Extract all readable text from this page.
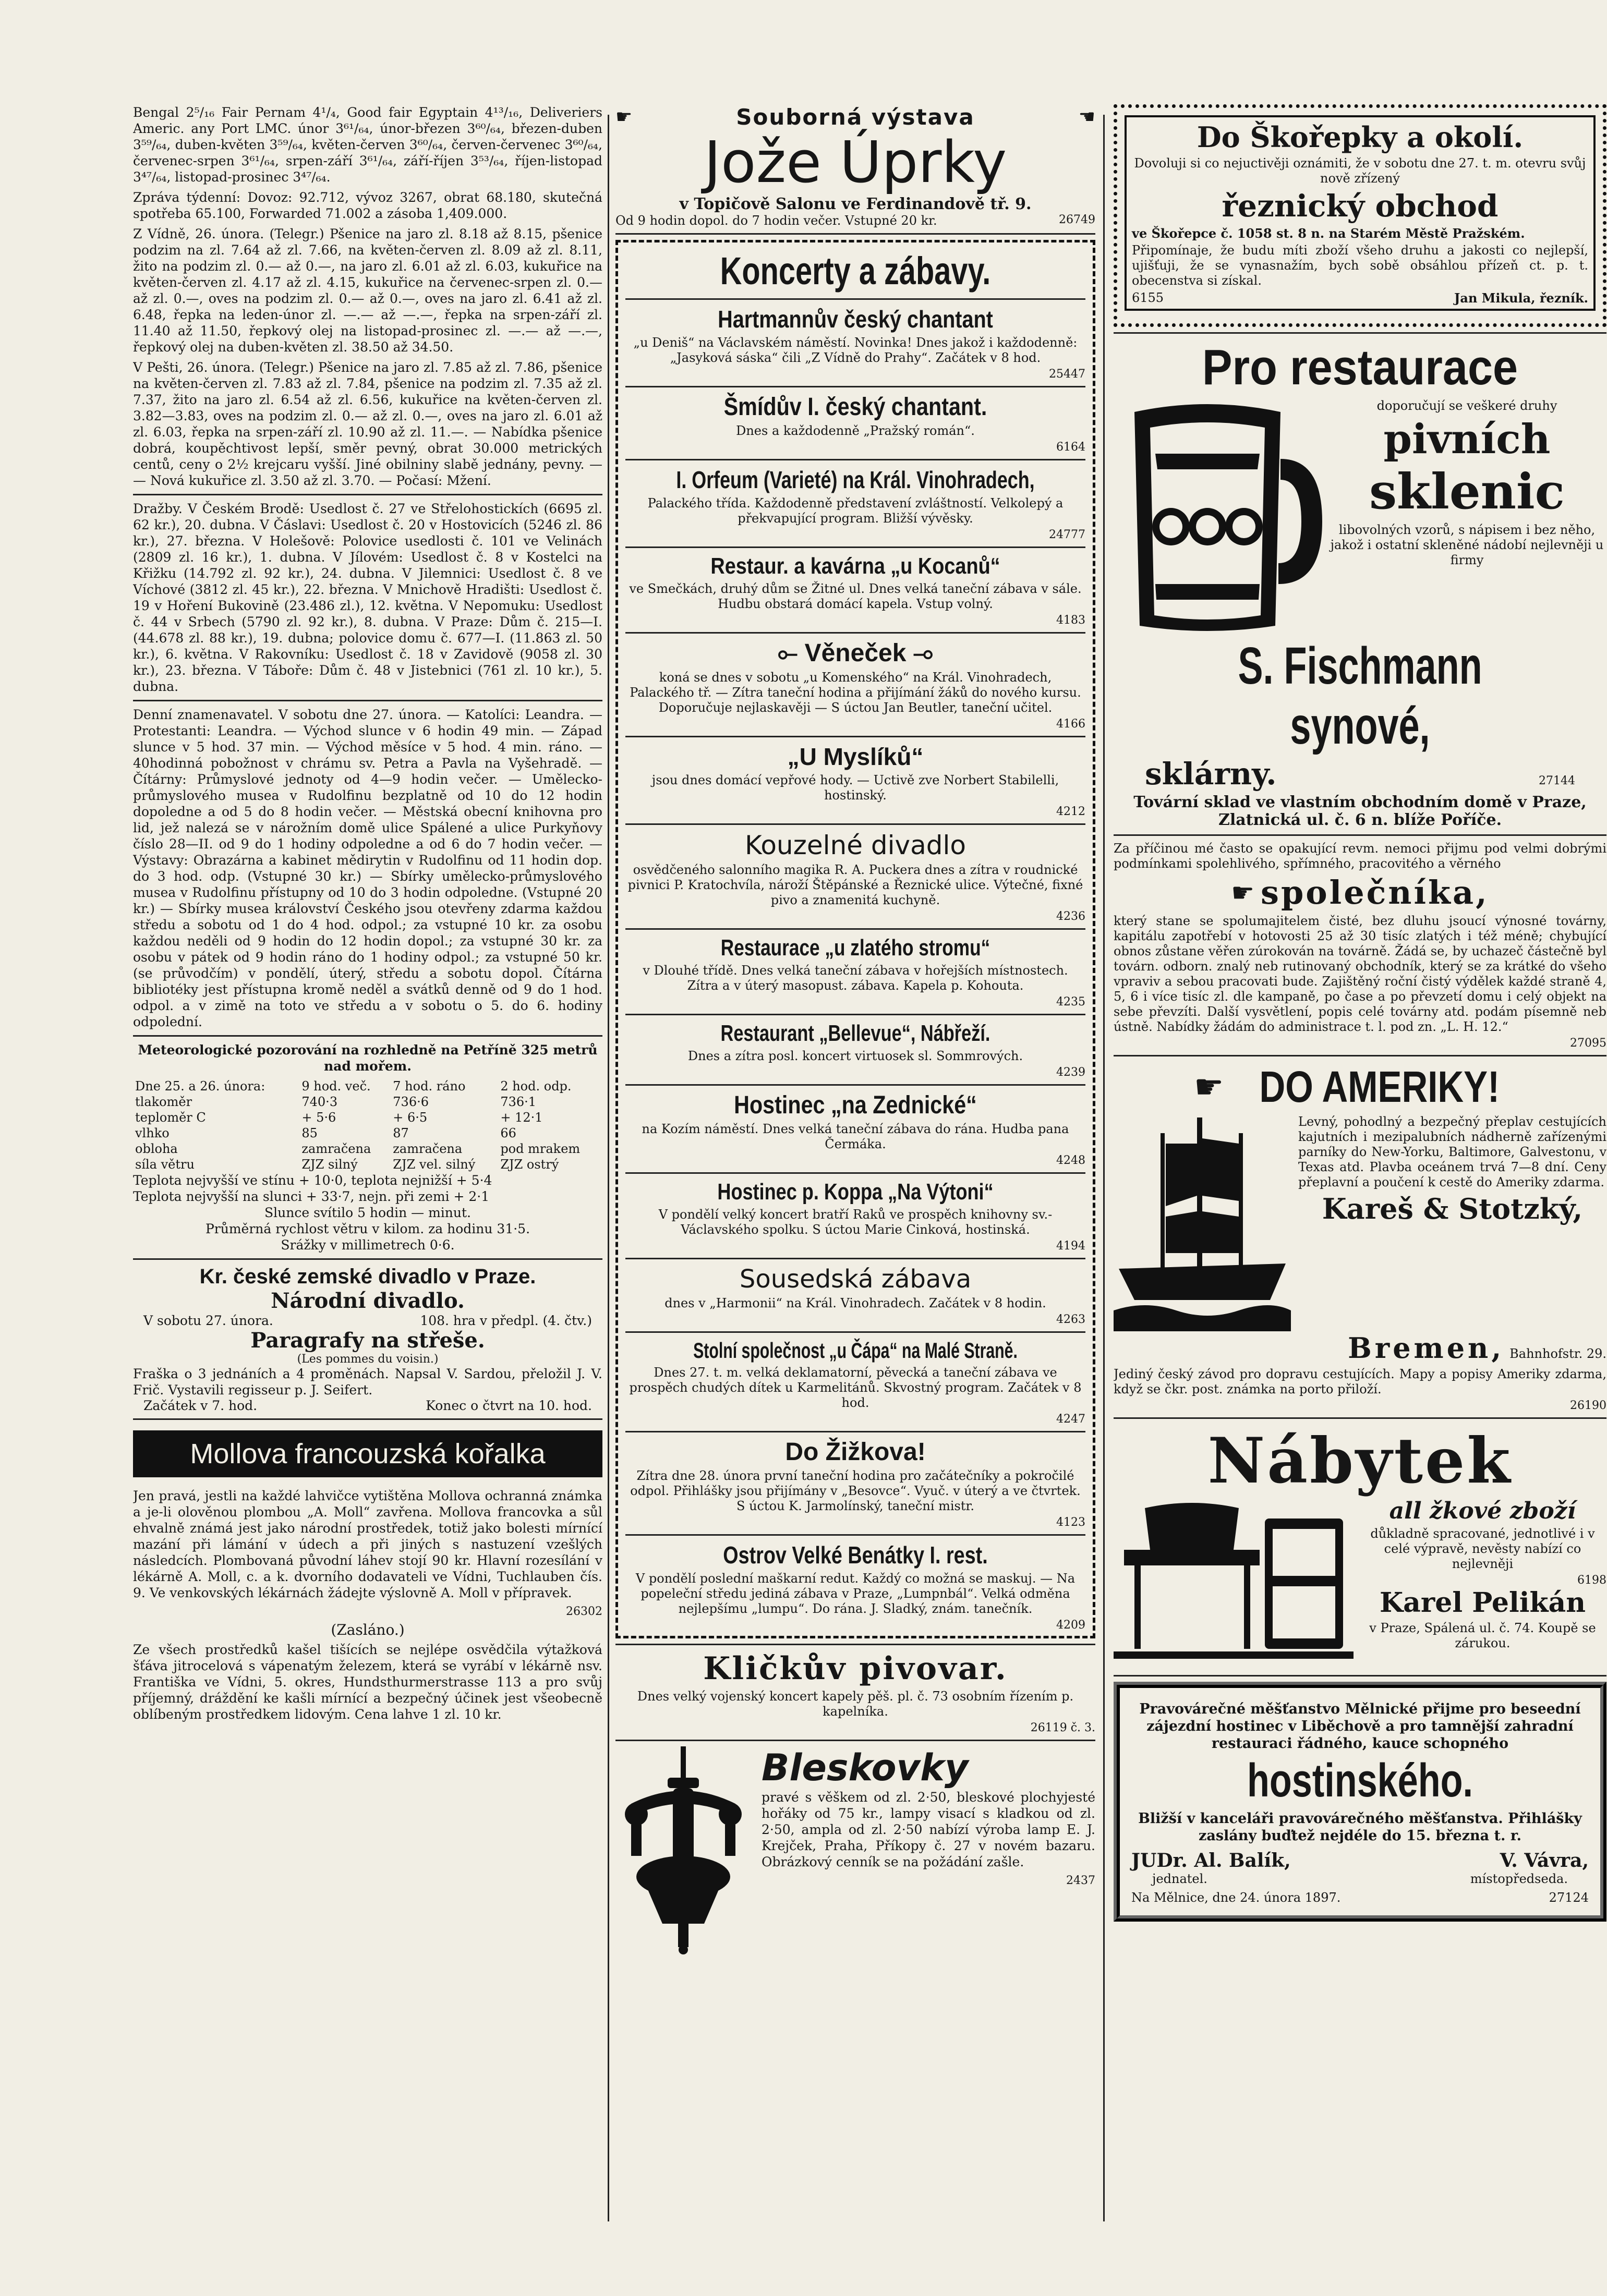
Bengal 2⁵/₁₆ Fair Pernam 4¹/₄, Good fair Egyptain 4¹³/₁₆, Deliveriers Americ. any Port LMC. únor 3⁶¹/₆₄, únor-březen 3⁶⁰/₆₄, březen-duben 3⁵⁹/₆₄, duben-květen 3⁵⁹/₆₄, květen-červen 3⁶⁰/₆₄, červen-červenec 3⁶⁰/₆₄, červenec-srpen 3⁶¹/₆₄, srpen-září 3⁶¹/₆₄, září-říjen 3⁵³/₆₄, říjen-listopad 3⁴⁷/₆₄, listopad-prosinec 3⁴⁷/₆₄.

Zpráva týdenní: Dovoz: 92.712, vývoz 3267, obrat 68.180, skutečná spotřeba 65.100, Forwarded 71.002 a zásoba 1,409.000.

Z Vídně, 26. února. (Telegr.) Pšenice na jaro zl. 8.18 až 8.15, pšenice podzim na zl. 7.64 až zl. 7.66, na květen-červen zl. 8.09 až zl. 8.11, žito na podzim zl. 0.— až 0.—, na jaro zl. 6.01 až zl. 6.03, kukuřice na květen-červen zl. 4.17 až zl. 4.15, kukuřice na červenec-srpen zl. 0.— až zl. 0.—, oves na podzim zl. 0.— až 0.—, oves na jaro zl. 6.41 až zl. 6.48, řepka na leden-únor zl. —.— až —.—, řepka na srpen-září zl. 11.40 až 11.50, řepkový olej na listopad-prosinec zl. —.— až —.—, řepkový olej na duben-květen zl. 38.50 až 34.50.

V Pešti, 26. února. (Telegr.) Pšenice na jaro zl. 7.85 až zl. 7.86, pšenice na květen-červen zl. 7.83 až zl. 7.84, pšenice na podzim zl. 7.35 až zl. 7.37, žito na jaro zl. 6.54 až zl. 6.56, kukuřice na květen-červen zl. 3.82—3.83, oves na podzim zl. 0.— až zl. 0.—, oves na jaro zl. 6.01 až zl. 6.03, řepka na srpen-září zl. 10.90 až zl. 11.—. — Nabídka pšenice dobrá, koupěchtivost lepší, směr pevný, obrat 30.000 metrických centů, ceny o 2½ krejcaru vyšší. Jiné obilniny slabě jednány, pevny. — — Nová kukuřice zl. 3.50 až zl. 3.70. — Počasí: Mžení.

Dražby. V Českém Brodě: Usedlost č. 27 ve Střelohostickích (6695 zl. 62 kr.), 20. dubna. V Čáslavi: Usedlost č. 20 v Hostovicích (5246 zl. 86 kr.), 27. března. V Holešově: Polovice usedlosti č. 101 ve Velinách (2809 zl. 16 kr.), 1. dubna. V Jílovém: Usedlost č. 8 v Kostelci na Křižku (14.792 zl. 92 kr.), 24. dubna. V Jilemnici: Usedlost č. 8 ve Víchové (3812 zl. 45 kr.), 22. března. V Mnichově Hradišti: Usedlost č. 19 v Hoření Bukovině (23.486 zl.), 12. května. V Nepomuku: Usedlost č. 44 v Srbech (5790 zl. 92 kr.), 8. dubna. V Praze: Dům č. 215—I. (44.678 zl. 88 kr.), 19. dubna; polovice domu č. 677—I. (11.863 zl. 50 kr.), 6. května. V Rakovníku: Usedlost č. 18 v Zavidově (9058 zl. 30 kr.), 23. března. V Táboře: Dům č. 48 v Jistebnici (761 zl. 10 kr.), 5. dubna.

Denní znamenavatel. V sobotu dne 27. února. — Katolíci: Leandra. — Protestanti: Leandra. — Východ slunce v 6 hodin 49 min. — Západ slunce v 5 hod. 37 min. — Východ měsíce v 5 hod. 4 min. ráno. — 40hodinná pobožnost v chrámu sv. Petra a Pavla na Vyšehradě. — Čítárny: Průmyslové jednoty od 4—9 hodin večer. — Umělecko-průmyslového musea v Rudolfinu bezplatně od 10 do 12 hodin dopoledne a od 5 do 8 hodin večer. — Městská obecní knihovna pro lid, jež nalezá se v nárožním domě ulice Spálené a ulice Purkyňovy číslo 28—II. od 9 do 1 hodiny odpoledne a od 6 do 7 hodin večer. — Výstavy: Obrazárna a kabinet mědirytin v Rudolfinu od 11 hodin dop. do 3 hod. odp. (Vstupné 30 kr.) — Sbírky umělecko-průmyslového musea v Rudolfinu přístupny od 10 do 3 hodin odpoledne. (Vstupné 20 kr.) — Sbírky musea království Českého jsou otevřeny zdarma každou středu a sobotu od 1 do 4 hod. odpol.; za vstupné 10 kr. za osobu každou neděli od 9 hodin do 12 hodin dopol.; za vstupné 30 kr. za osobu v pátek od 9 hodin ráno do 1 hodiny odpol.; za vstupné 50 kr. (se průvodčím) v pondělí, úterý, středu a sobotu dopol. Čítárna bibliotéky jest přístupna kromě neděl a svátků denně od 9 do 1 hod. odpol. a v zimě na toto ve středu a v sobotu o 5. do 6. hodiny odpolední.

Meteorologické pozorování na rozhledně na Petříně 325 metrů nad mořem.

Dne 25. a 26. února:	9 hod. več.	7 hod. ráno	2 hod. odp.
tlakoměr	740·3	736·6	736·1
teploměr C	+ 5·6	+ 6·5	+ 12·1
vlhko	85	87	66
obloha	zamračena	zamračena	pod mrakem
síla větru	ZJZ silný	ZJZ vel. silný	ZJZ ostrý

Teplota nejvyšší ve stínu + 10·0, teplota nejnižší + 5·4

Teplota nejvyšší na slunci + 33·7, nejn. při zemi + 2·1

Slunce svítilo 5 hodin — minut.

Průměrná rychlost větru v kilom. za hodinu 31·5.

Srážky v millimetrech 0·6.

Kr. české zemské divadlo v Praze.
Národní divadlo.
V sobotu 27. února.	108. hra v předpl. (4. čtv.)
Paragrafy na střeše.
(Les pommes du voisin.)

Fraška o 3 jednáních a 4 proměnách. Napsal V. Sardou, přeložil J. V. Frič. Vystavili regisseur p. J. Seifert.

Začátek v 7. hod.	Konec o čtvrt na 10. hod.
Mollova francouzská kořalka

Jen pravá, jestli na každé lahvičce vytištěna Mollova ochranná známka a je-li olověnou plombou „A. Moll“ zavřena. Mollova francovka a sůl ehvalně známá jest jako národní prostředek, totiž jako bolesti mírnící mazání při lámání v údech a při jiných s nastuzení vzešlých následcích. Plombovaná původní láhev stojí 90 kr. Hlavní rozesílání v lékárně A. Moll, c. a k. dvorního dodavateli ve Vídni, Tuchlauben čís. 9. Ve venkovských lékárnách žádejte výslovně A. Moll v přípravek.

26302
(Zasláno.)

Ze všech prostředků kašel tišících se nejlépe osvědčila výtažková šťáva jitrocelová s vápenatým železem, která se vyrábí v lékárně nsv. Františka ve Vídni, 5. okres, Hundsthurmerstrasse 113 a pro svůj příjemný, dráždění ke kašli mírnící a bezpečný účinek jest všeobecně oblíbeným prostředkem lidovým. Cena lahve 1 zl. 10 kr.

☛	Souborná výstava	☚
Jože Úprky
v Topičově Salonu ve Ferdinandově tř. 9.
Od 9 hodin dopol. do 7 hodin večer. Vstupné 20 kr.	26749
Koncerty a zábavy.
Hartmannův český chantant
„u Deniš“ na Václavském náměstí. Novinka! Dnes jakož i každodenně: „Jasyková sáska“ čili „Z Vídně do Prahy“. Začátek v 8 hod.
25447
Šmídův I. český chantant.
Dnes a každodenně „Pražský román“.
6164
I. Orfeum (Varieté) na Král. Vinohradech,
Palackého třída. Každodenně představení zvláštností. Velkolepý a překvapující program. Bližší vývěsky.
24777
Restaur. a kavárna „u Kocanů“
ve Smečkách, druhý dům se Žitné ul. Dnes velká taneční zábava v sále. Hudbu obstará domácí kapela. Vstup volný.
4183
⟜ Věneček ⊸
koná se dnes v sobotu „u Komenského“ na Král. Vinohradech, Palackého tř. — Zítra taneční hodina a přijímání žáků do nového kursu. Doporučuje nejlaskavěji — S úctou Jan Beutler, taneční učitel.
4166
„U Myslíků“
jsou dnes domácí vepřové hody. — Uctivě zve Norbert Stabilelli, hostinský.
4212
Kouzelné divadlo
osvědčeného salonního magika R. A. Puckera dnes a zítra v roudnické pivnici P. Kratochvíla, nároží Štěpánské a Řeznické ulice. Výtečné, fixné pivo a znamenitá kuchyně.
4236
Restaurace „u zlatého stromu“
v Dlouhé třídě. Dnes velká taneční zábava v hořejších místnostech. Zítra a v úterý masopust. zábava. Kapela p. Kohouta.
4235
Restaurant „Bellevue“, Nábřeží.
Dnes a zítra posl. koncert virtuosek sl. Sommrových.
4239
Hostinec „na Zednické“
na Kozím náměstí. Dnes velká taneční zábava do rána. Hudba pana Čermáka.
4248
Hostinec p. Koppa „Na Výtoni“
V pondělí velký koncert bratří Raků ve prospěch knihovny sv.-Václavského spolku. S úctou Marie Cinková, hostinská.
4194
Sousedská zábava
dnes v „Harmonii“ na Král. Vinohradech. Začátek v 8 hodin.
4263
Stolní společnost „u Čápa“ na Malé Straně.
Dnes 27. t. m. velká deklamatorní, pěvecká a taneční zábava ve prospěch chudých dítek u Karmelitánů. Skvostný program. Začátek v 8 hod.
4247
Do Žižkova!
Zítra dne 28. února první taneční hodina pro začátečníky a pokročilé odpol. Přihlášky jsou přijímány v „Besovce“. Vyuč. v úterý a ve čtvrtek. S úctou K. Jarmolínský, taneční mistr.
4123
Ostrov Velké Benátky I. rest.
V pondělí poslední maškarní redut. Každý co možná se maskuj. — Na popeleční středu jediná zábava v Praze, „Lumpnbál“. Velká odměna nejlepšímu „lumpu“. Do rána. J. Sladký, znám. tanečník.
4209
Kličkův pivovar.
Dnes velký vojenský koncert kapely pěš. pl. č. 73 osobním řízením p. kapelníka.
26119 č. 3.
Bleskovky

pravé s věškem od zl. 2·50, bleskové plochyjesté hořáky od 75 kr., lampy visací s kladkou od zl. 2·50, ampla od zl. 2·50 nabízí výroba lamp E. J. Krejček, Praha, Příkopy č. 27 v novém bazaru. Obrázkový cenník se na požádání zašle.

2437
Do Škořepky a okolí.
Dovoluji si co nejuctivěji oznámiti, že v sobotu dne 27. t. m. otevru svůj nově zřízený
řeznický obchod
ve Škořepce č. 1058 st. 8 n. na Starém Městě Pražském.
Připomínaje, že budu míti zboží všeho druhu a jakosti co nejlepší, ujišťuji, že se vynasnažím, bych sobě obsáhlou přízeň ct. p. t. obecenstva si získal.
6155	Jan Mikula, řezník.
Pro restaurace
doporučují se veškeré druhy
pivních
sklenic
libovolných vzorů, s nápisem i bez něho, jakož i ostatní skleněné nádobí nejlevněji u firmy
S. Fischmann synové,
sklárny.	27144
Tovární sklad ve vlastním obchodním domě v Praze, Zlatnická ul. č. 6 n. blíže Poříče.
Za příčinou mé často se opakující revm. nemoci přijmu pod velmi dobrými podmínkami spolehlivého, spřímného, pracovitého a věrného
☛ společníka,
který stane se spolumajitelem čisté, bez dluhu jsoucí výnosné továrny, kapitálu zapotřebí v hotovosti 25 až 30 tisíc zlatých i též méně; chybující obnos zůstane věřen zúrokován na továrně. Žádá se, by uchazeč částečně byl továrn. odborn. znalý neb rutinovaný obchodník, který se za krátké do všeho vpraviv a sebou pracovati bude. Zajištěný roční čistý výdělek každé straně 4, 5, 6 i více tisíc zl. dle kampaně, po čase a po převzetí domu i celý objekt na sebe převzíti. Další vysvětlení, popis celé továrny atd. podám písemně neb ústně. Nabídky žádám do administrace t. l. pod zn. „L. H. 12.“
27095
☛ DO AMERIKY!
Levný, pohodlný a bezpečný přeplav cestujících kajutních i mezipalubních nádherně zařízenými parníky do New-Yorku, Baltimore, Galvestonu, v Texas atd. Plavba oceánem trvá 7—8 dní. Ceny přeplavní a poučení k cestě do Ameriky zdarma.
Kareš & Stotzký,
Bremen, Bahnhofstr. 29.
Jediný český závod pro dopravu cestujících. Mapy a popisy Ameriky zdarma, když se čkr. post. známka na porto přiloží.
26190
Nábytek
all žkové zboží
důkladně spracované, jednotlivé i v celé výpravě, nevěsty nabízí co nejlevněji
6198
Karel Pelikán
v Praze, Spálená ul. č. 74. Koupě se zárukou.
Pravovárečné měšťanstvo Mělnické přijme pro beseední zájezdní hostinec v Liběchově a pro tamnější zahradní restauraci řádného, kauce schopného
hostinského.
Bližší v kanceláři pravovárečného měšťanstva. Přihlášky zaslány buďtež nejdéle do 15. března t. r.
JUDr. Al. Balík,	V. Vávra,
jednatel.	místopředseda.
Na Mělnice, dne 24. února 1897.	27124
